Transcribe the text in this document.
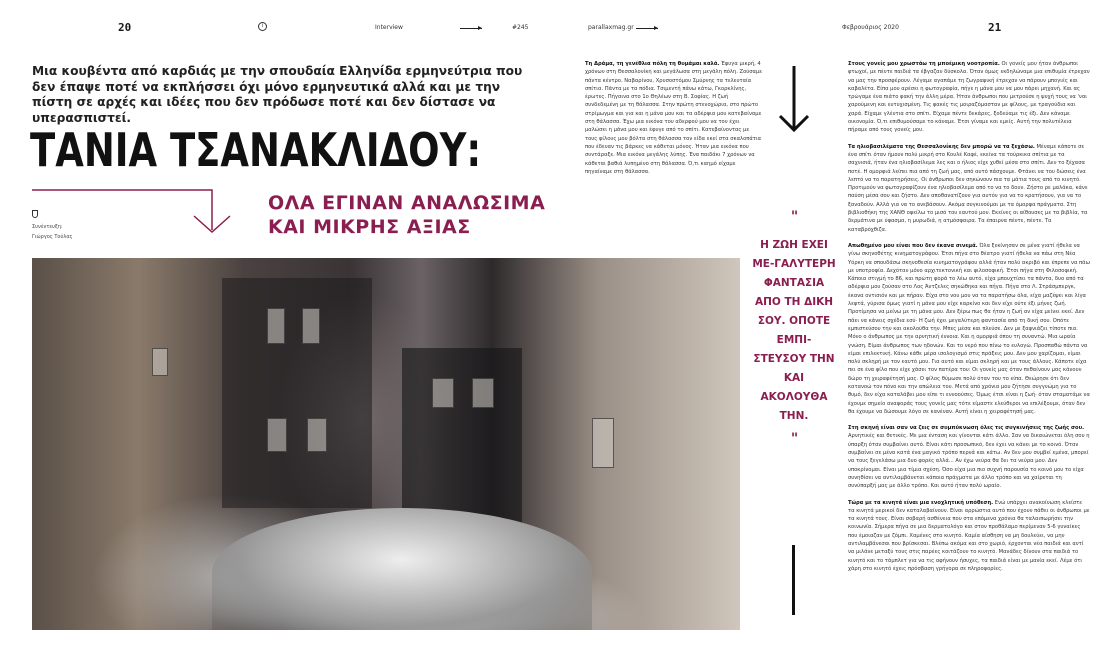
20	i	Interview	#245	parallaxmag.gr	Φεβρουάριος 2020	21

Μια κουβέντα από καρδιάς με την σπουδαία Ελληνίδα ερμηνεύτρια που δεν έπαψε ποτέ να εκπλήσσει όχι μόνο ερμηνευτικά αλλά και με την πίστη σε αρχές και ιδέες που δεν πρόδωσε ποτέ και δεν δίστασε να υπερασπιστεί.

ΤΑΝΙΑ ΤΣΑΝΑΚΛΙΔΟΥ:
ΟΛΑ ΕΓΙΝΑΝ ΑΝΑΛΩΣΙΜΑ
ΚΑΙ ΜΙΚΡΗΣ ΑΞΙΑΣ
Συνέντευξη:
Γιώργος Τούλας

Τη Δράμα, τη γενέθλια πόλη τη θυμάμαι καλά. Έφυγα μικρή, 4 χρόνων στη Θεσσαλονίκη και μεγάλωσα στη μεγάλη πόλη. Ζούσαμε πάντα κέντρο. Ναβαρίνου, Χρυσοστόμου Σμύρνης τα τελευταία σπίτια. Πάντα με τα πόδια. Τσιμεντή πάνω κάτω, Γκορκλίνης, έρωτες. Πήγαινα στο 1ο Θηλέων στη Β. Σοφίας. Η ζωή συνδεδεμένη με τη θάλασσα. Στην πρώτη στενοχώρια, στο πρώτο στρίμωγμα και για και η μάνα μου και τα αδέρφια μου κατεβαίναμε στη θάλασσα. Έχω μια εικόνα του αδερφού μου να τον έχει μαλώσει η μάνα μου και έφυγε από το σπίτι. Κατεβαίνοντας με τους φίλους μου βόλτα στη θάλασσα τον είδα εκεί στα σκαλοπάτια που έδεναν τις βάρκες να κάθεται μόνος. Ήταν μια εικόνα που συντάραξε. Μια εικόνα μεγάλης λύπης. Ένα παιδάκι 7 χρόνων να κάθεται βαθιά λυπημένο στη θάλασσα. Ό,τι καημό είχαμε πηγαίναμε στη θάλασσα.

"
Η ΖΩΗ ΕΧΕΙ ΜΕ-ΓΑΛΥΤΕΡΗ ΦΑΝΤΑΣΙΑ ΑΠΟ ΤΗ ΔΙΚΗ ΣΟΥ. ΟΠΟΤΕ ΕΜΠΙ-ΣΤΕΥΣΟΥ ΤΗΝ ΚΑΙ ΑΚΟΛΟΥΘΑ ΤΗΝ.
"

Στους γονείς μου χρωστάω τη μποέμικη νοοτροπία. Οι γονείς μου ήταν άνθρωποι φτωχοί, με πέντε παιδιά τα έβγαζαν δύσκολα. Όταν όμως εκδηλώναμε μια επιθυμία έτρεχαν να μας την προσφέρουν. Λέγαμε αγαπάμε τη ζωγραφική έτρεχαν να πάρουν μπογιές και καβαλέτα. Είπα μου αρέσει η φωτογραφία, πήγε η μάνα μου να μου πάρει μηχανή. Και ας τρώγαμε ένα πιάτο φακή την άλλη μέρα. Ήταν άνθρωποι που μετρούσε η ψυχή τους να 'ναι χαρούμενη και ευτυχισμένη. Τις φακές τις μοιραζόμασταν με φίλους, με τραγούδια και χαρά. Είχαμε γλέντια στο σπίτι. Είχαμε πέντε δεκάρες, ξοδεύαμε τις έξι. Δεν κάναμε οικονομία. Ό,τι επιθυμούσαμε το κάναμε. Έτσι γίναμε και εμείς. Αυτή την πολυτέλεια πήραμε από τους γονείς μου.

Τα ηλιοβασιλέματα της Θεσσαλονίκης δεν μπορώ να τα ξεχάσω. Μέναμε κάποτε σε ένα σπίτι όταν ήμουν πολύ μικρή στο Κουλέ Καφέ, εκείνα τα τούρκικα σπίτια με τα σαχνισιά, ήταν ένα ηλιοβασίλεμα λες και ο ήλιος είχε χυθεί μέσα στο σπίτι. Δεν το ξέχασα ποτέ. Η ομορφιά λείπει πια από τη ζωή μας, από αυτό πάσχουμε. Φτάνει να του δώσεις ένα λεπτό να το παρατηρήσεις. Οι άνθρωποι δεν σηκώνουν πια τα μάτια τους από το κινητό. Προτιμούν να φωτογραφίζουν ένα ηλιοβασίλεμα από το να το δουν. Ζήστο ρε μαλάκα, κάνε παύση μέσα σου και ζήστο. Δεν αποθανατίζουν για αυτόν για να το κρατήσουν, για να το ξαναδούν. Αλλά για να το ανεβάσουν. Ακόμα συγκινούμαι με τα όμορφα πράγματα. Στη βιβλιοθήκη της ΧΑΝΘ οφείλω το μισό του εαυτού μου. Εκείνες οι αίθουσες με τα βιβλία, τα δερμάτινα με ύφασμα, η μυρωδιά, η ατμόσφαιρα. Τα έπαιρνα πέντε, πέντε. Τα καταβρόχθιζα.

Απωθημένο μου είναι που δεν έκανα σινεμά. Όλα ξεκίνησαν σε μένα γιατί ήθελα να γίνω σκηνοθέτης κινηματογράφου. Έτσι πήγα στο θέατρο γιατί ήθελα να πάω στη Νέα Υόρκη να σπουδάσω σκηνοθεσία κινηματογράφου αλλά ήταν πολύ ακριβό και έπρεπε να πάω με υποτροφία. Δεχόταν μόνο αρχιτεκτονική και φιλοσοφική. Έτσι πήγα στη Φιλοσοφική. Κάποια στιγμή το 86, και πρώτη φορά το λέω αυτό, είχα μπουχτίσει τα πάντα, δυο από τα αδέρφια μου ζούσαν στο Λος Άντζελες σηκώθηκα και πήγα. Πήγα στο Λ. Στράσμπεργκ, έκανα οντισιόν και με πήραν. Είχα στο νου μου να τα παρατήσω όλα, είχα μαζέψει και λίγα λεφτά, γύρισα όμως γιατί η μάνα μου είχε καρκίνο και δεν είχε ούτε έξι μήνες ζωή. Προτίμησα να μείνω με τη μάνα μου. Δεν ξέρω πως θα ήταν η ζωή αν είχα μείνει εκεί. Δεν πάει να κάνεις σχέδια εσύ· Η ζωή έχει μεγαλύτερη φαντασία από τη δική σου. Οπότε εμπιστεύσου την και ακολούθα την. Μπες μέσα και πλεύσε. Δεν με ξαφνιάζει τίποτε πια. Μόνο ο άνθρωπος με την αρνητική έννοια. Και η ομορφιά όπου τη συναντώ. Μια ωραία γνώση. Είμαι άνθρωπος των ηδονών. Και το νερό που πίνω το ευλογώ. Προσπαθώ πάντα να είμαι επιλεκτική. Κάνω κάθε μέρα ισολογισμό στις πράξεις μου. Δεν μου χαρίζομαι, είμαι πολύ σκληρή με τον εαυτό μου. Για αυτό και είμαι σκληρή και με τους άλλους. Κάποτε είχα πει σε ένα φίλο που είχε χάσει τον πατέρα του: Οι γονείς μας όταν πεθαίνουν μας κάνουν δώρο τη χειραφέτησή μας. Ο φίλος θύμωσε πολύ όταν του το είπα. Θεώρησε ότι δεν κατανοώ τον πόνο και την απώλεια του. Μετά από χρόνια μου ζήτησε συγγνώμη για το θυμό, δεν είχα καταλάβει μου είπε τι εννοούσες. Όμως έτσι είναι η ζωή· όταν σταματάμε να έχουμε σημείο αναφοράς τους γονείς μας τότε είμαστε ελεύθεροι να επιλέξουμε, όταν δεν θα έχουμε να δώσουμε λόγο σε κανέναν. Αυτή είναι η χειραφέτησή μας.

Στη σκηνή είναι σαν να ζεις σε συμπύκνωση όλες τις συγκινήσεις της ζωής σου. Αρνητικές και θετικές. Με μια ένταση και γίνονται κάτι άλλο. Σαν να δικαιώνεται όλη σου η ύπαρξη όταν συμβαίνει αυτό. Είναι κάτι προσωπικό, δεν έχει να κάνει με το κοινό. Όταν συμβαίνει σε μένα κατά ένα μαγικό τρόπο περνά και κάτω. Αν δεν μου συμβεί εμένα, μπορεί να τους ξεγελάσω μια δυο φορές αλλά... Αν έχω νεύρα θα δει τα νεύρα μου. Δεν υποκρίνομαι. Είναι μια τίμια σχέση. Όσο είχα μια πιο συχνή παρουσία το κοινό μου το είχα συνηθίσει να αντιλαμβάνεται κάποια πράγματα με άλλο τρόπο και να χαίρεται τη συνύπαρξή μας με άλλο τρόπο. Και αυτό ήταν πολύ ωραίο.

Τώρα με τα κινητά είναι μια ενοχλητική υπόθεση. Ενώ υπάρχει ανακοίνωση κλείστε τα κινητά μερικοί δεν καταλαβαίνουν. Είναι αρρώστια αυτό που έχουν πάθει οι άνθρωποι με τα κινητά τους. Είναι σοβαρή ασθένεια που στα επόμενα χρόνια θα ταλαιπωρήσει την κοινωνία. Σήμερα πήγα σε μια δερματολόγο και στον προθάλαμο περίμεναν 5-6 γυναίκες που έμοιαζαν με ζόμπι. Χαμένες στο κινητό. Καμία αίσθηση να μη δουλεύει, να μην αντιλαμβάνεσαι που βρίσκεσαι. Βλέπω ακόμα και στο χωριό, έρχονται νέα παιδιά και αντί να μιλάνε μεταξύ τους στις παρέες κοιτάζουν το κινητό. Μανάδες δίνουν στα παιδιά το κινητό και το τάμπλετ για να τις αφήνουν ήσυχες, τα παιδιά είναι με μανία εκεί. Λέμε ότι χάρη στο κινητό έχεις πρόσβαση γρήγορα σε πληροφορίες.
